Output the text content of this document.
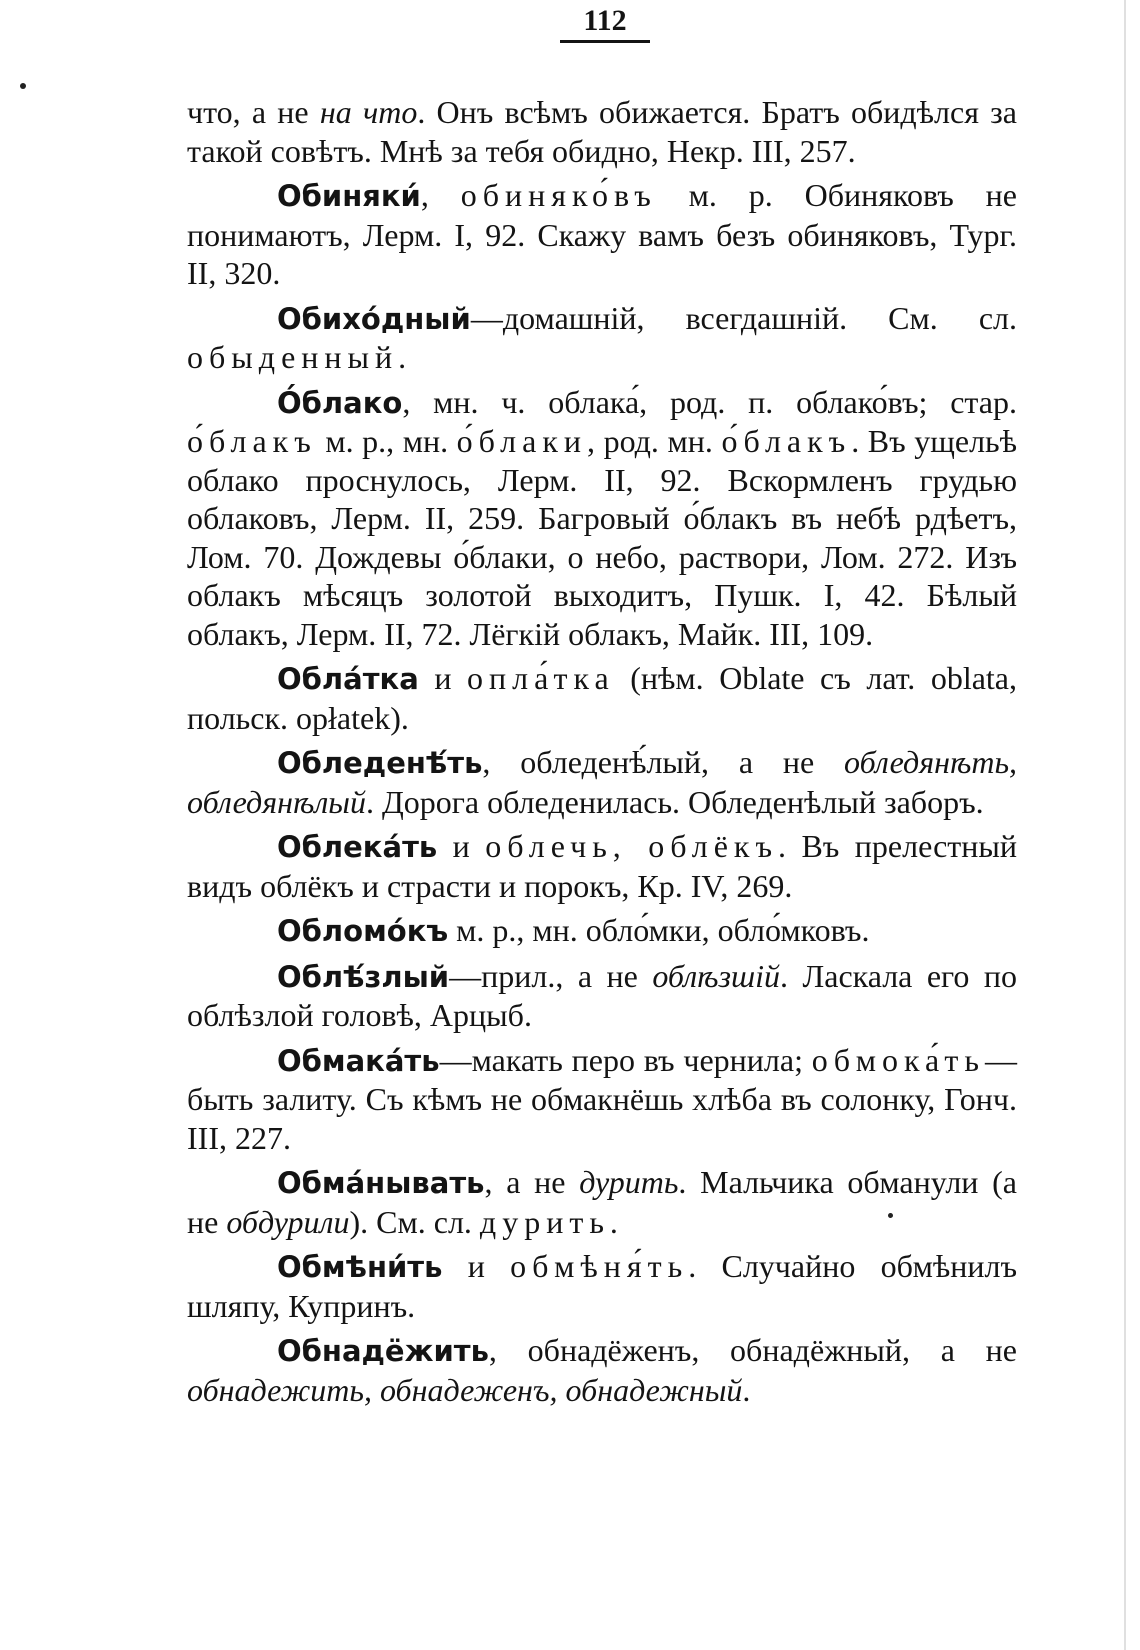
112

что, а не на что. Онъ всѣмъ обижается. Братъ обидѣлся за такой совѣтъ. Мнѣ за тебя обидно, Некр. III, 257.

Обиняки́, обиняко́въ м. р. Обиняковъ не понимаютъ, Лерм. I, 92. Скажу вамъ безъ обиняковъ, Тург. II, 320.

Обихо́дный—домашній, всегдашній. См. сл. обыденный.

О́блако, мн. ч. облака́, род. п. облако́въ; стар. о́блакъ м. р., мн. о́блаки, род. мн. о́блакъ. Въ ущельѣ облако проснулось, Лерм. II, 92. Вскормленъ грудью облаковъ, Лерм. II, 259. Багровый о́блакъ въ небѣ рдѣетъ, Лом. 70. Дождевы о́блаки, о небо, раствори, Лом. 272. Изъ облакъ мѣсяцъ золотой выходитъ, Пушк. I, 42. Бѣлый облакъ, Лерм. II, 72. Лёгкій облакъ, Майк. III, 109.

Обла́тка и опла́тка (нѣм. Oblate съ лат. oblata, польск. opłatek).

Обледенѣ́ть, обледенѣ́лый, а не обледянѣть, обледянѣлый. Дорога обледенилась. Обледенѣлый заборъ.

Облека́ть и облечь, облёкъ. Въ прелестный видъ облёкъ и страсти и порокъ, Кр. IV, 269.

Обломо́къ м. р., мн. обло́мки, обло́мковъ.

Облѣ́злый—прил., а не облѣзшій. Ласкала его по облѣзлой головѣ, Арцыб.

Обмака́ть—макать перо въ чернила; обмока́ть—быть залиту. Съ кѣмъ не обмакнёшь хлѣба въ солонку, Гонч. III, 227.

Обма́нывать, а не дурить. Мальчика обманули (а не обдурили). См. сл. дурить.

Обмѣни́ть и обмѣня́ть. Случайно обмѣнилъ шляпу, Купринъ.

Обнадёжить, обнадёженъ, обнадёжный, а не обнадежить, обнадеженъ, обнадежный.
